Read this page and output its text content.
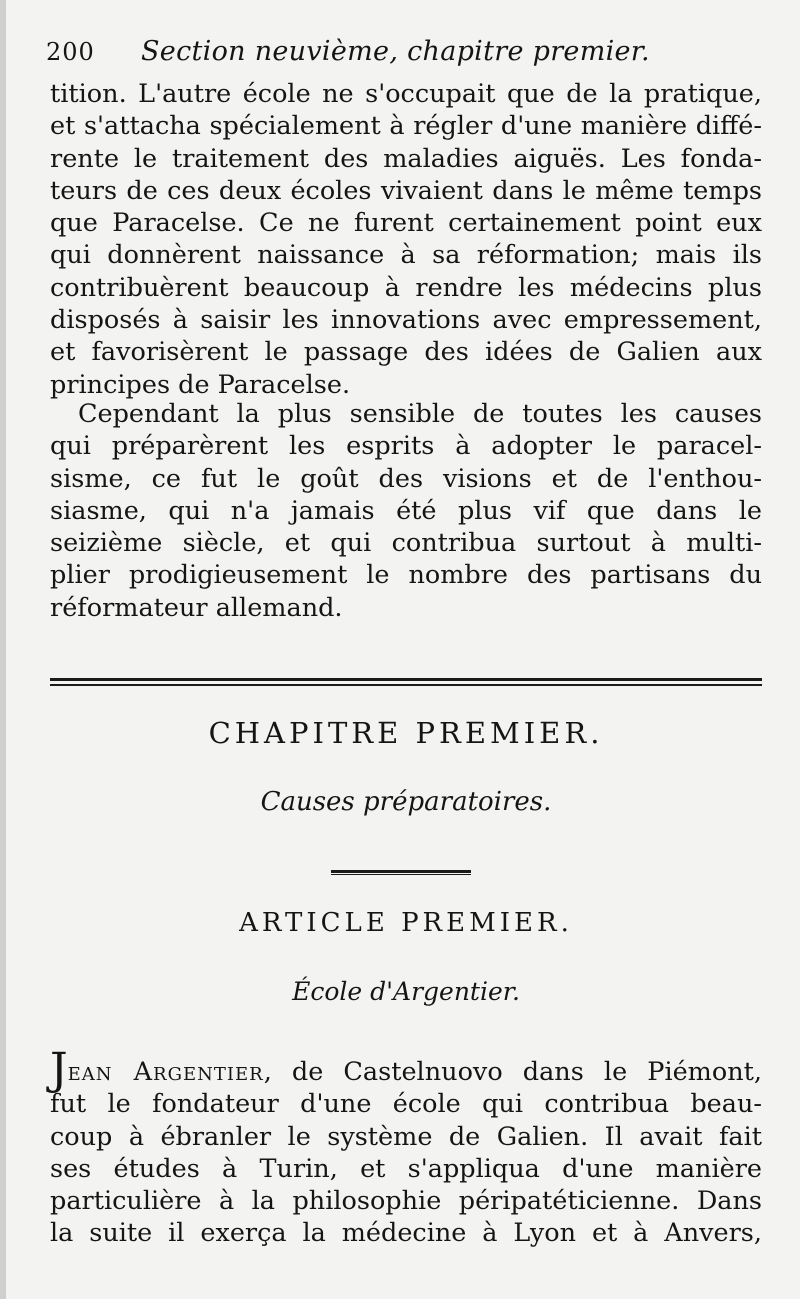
200	Section neuvième, chapitre premier.

tition. L'autre école ne s'occupait que de la pratique,
et s'attacha spécialement à régler d'une manière diffé-
rente le traitement des maladies aiguës. Les fonda-
teurs de ces deux écoles vivaient dans le même temps
que Paracelse. Ce ne furent certainement point eux
qui donnèrent naissance à sa réformation; mais ils
contribuèrent beaucoup à rendre les médecins plus
disposés à saisir les innovations avec empressement,
et favorisèrent le passage des idées de Galien aux
principes de Paracelse.

Cependant la plus sensible de toutes les causes
qui préparèrent les esprits à adopter le paracel-
sisme, ce fut le goût des visions et de l'enthou-
siasme, qui n'a jamais été plus vif que dans le
seizième siècle, et qui contribua surtout à multi-
plier prodigieusement le nombre des partisans du
réformateur allemand.

CHAPITRE PREMIER.

Causes préparatoires.

ARTICLE PREMIER.

École d'Argentier.

Jean Argentier, de Castelnuovo dans le Piémont,
fut le fondateur d'une école qui contribua beau-
coup à ébranler le système de Galien. Il avait fait
ses études à Turin, et s'appliqua d'une manière
particulière à la philosophie péripatéticienne. Dans
la suite il exerça la médecine à Lyon et à Anvers,
